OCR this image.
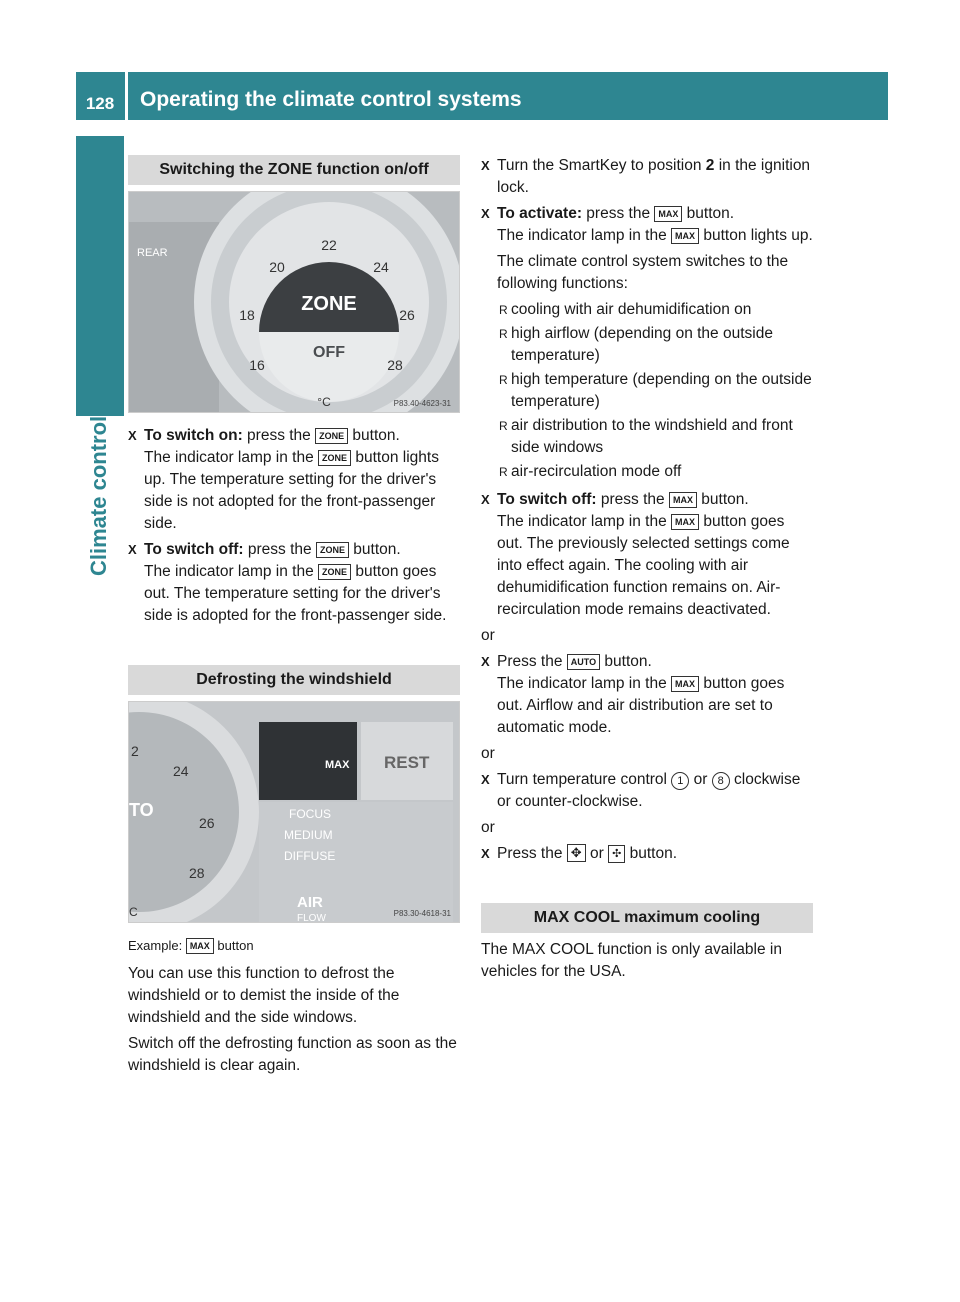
128	Operating the climate control systems
Climate control
Switching the ZONE function on/off
ZONE
OFF
22
20	24
18	26
16	28
°C
REAR
P83.40-4623-31
X To switch on: press the ZONE button.
The indicator lamp in the ZONE button lights up. The temperature setting for the driver's side is not adopted for the front-passenger side.
X To switch off: press the ZONE button.
The indicator lamp in the ZONE button goes out. The temperature setting for the driver's side is adopted for the front-passenger side.
Defrosting the windshield
MAX REST
FOCUS
MEDIUM
DIFFUSE
AIR
FLOW
2
24
TO
26
28
C	P83.30-4618-31
Example: MAX button
You can use this function to defrost the windshield or to demist the inside of the windshield and the side windows.
Switch off the defrosting function as soon as the windshield is clear again.
X Turn the SmartKey to position 2 in the ignition lock.
X To activate: press the MAX button.
The indicator lamp in the MAX button lights up.
The climate control system switches to the following functions:
R cooling with air dehumidification on
R high airflow (depending on the outside temperature)
R high temperature (depending on the outside temperature)
R air distribution to the windshield and front side windows
R air-recirculation mode off
X To switch off: press the MAX button.
The indicator lamp in the MAX button goes out. The previously selected settings come into effect again. The cooling with air dehumidification function remains on. Air-recirculation mode remains deactivated.
or
X Press the AUTO button.
The indicator lamp in the MAX button goes out. Airflow and air distribution are set to automatic mode.
or
X Turn temperature control 1 or 8 clockwise or counter-clockwise.
or
X Press the ✥ or ✣ button.
MAX COOL maximum cooling
The MAX COOL function is only available in vehicles for the USA.
